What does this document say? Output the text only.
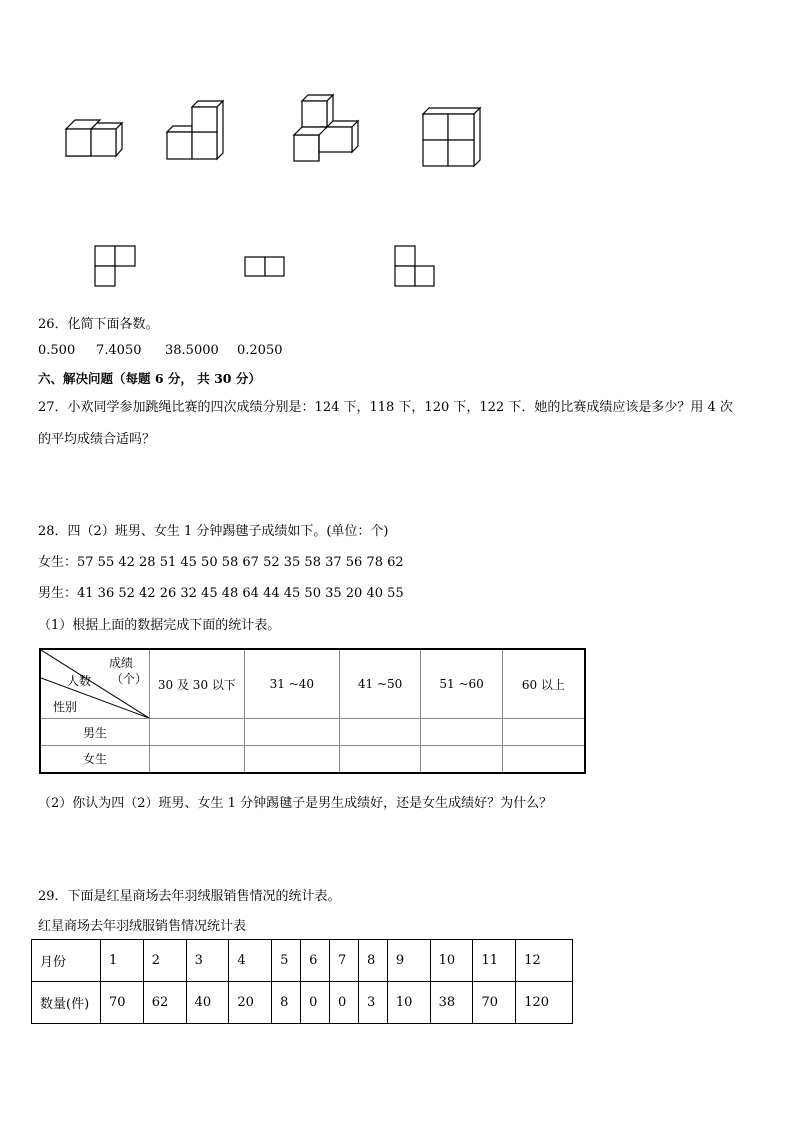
26．化简下面各数。
0.500 7.4050 38.5000 0.2050
六、解决问题（每题 6 分， 共 30 分）
27．小欢同学参加跳绳比赛的四次成绩分别是：124 下，118 下，120 下，122 下．她的比赛成绩应该是多少？用 4 次
的平均成绩合适吗？
28．四（2）班男、女生 1 分钟踢毽子成绩如下。(单位：个)
女生：57 55 42 28 51 45 50 58 67 52 35 58 37 56 78 62
男生：41 36 52 42 26 32 45 48 64 44 45 50 35 20 40 55
（1）根据上面的数据完成下面的统计表。
成绩
（个）
人数
性别	30 及 30 以下	31 ~40	41 ~50	51 ~60	60 以上
男生					
女生					
（2）你认为四（2）班男、女生 1 分钟踢毽子是男生成绩好，还是女生成绩好？为什么？
29．下面是红星商场去年羽绒服销售情况的统计表。
红星商场去年羽绒服销售情况统计表
月份	1	2	3	4	5	6	7	8	9	10	11	12
数量(件)	70	62	40	20	8	0	0	3	10	38	70	120
